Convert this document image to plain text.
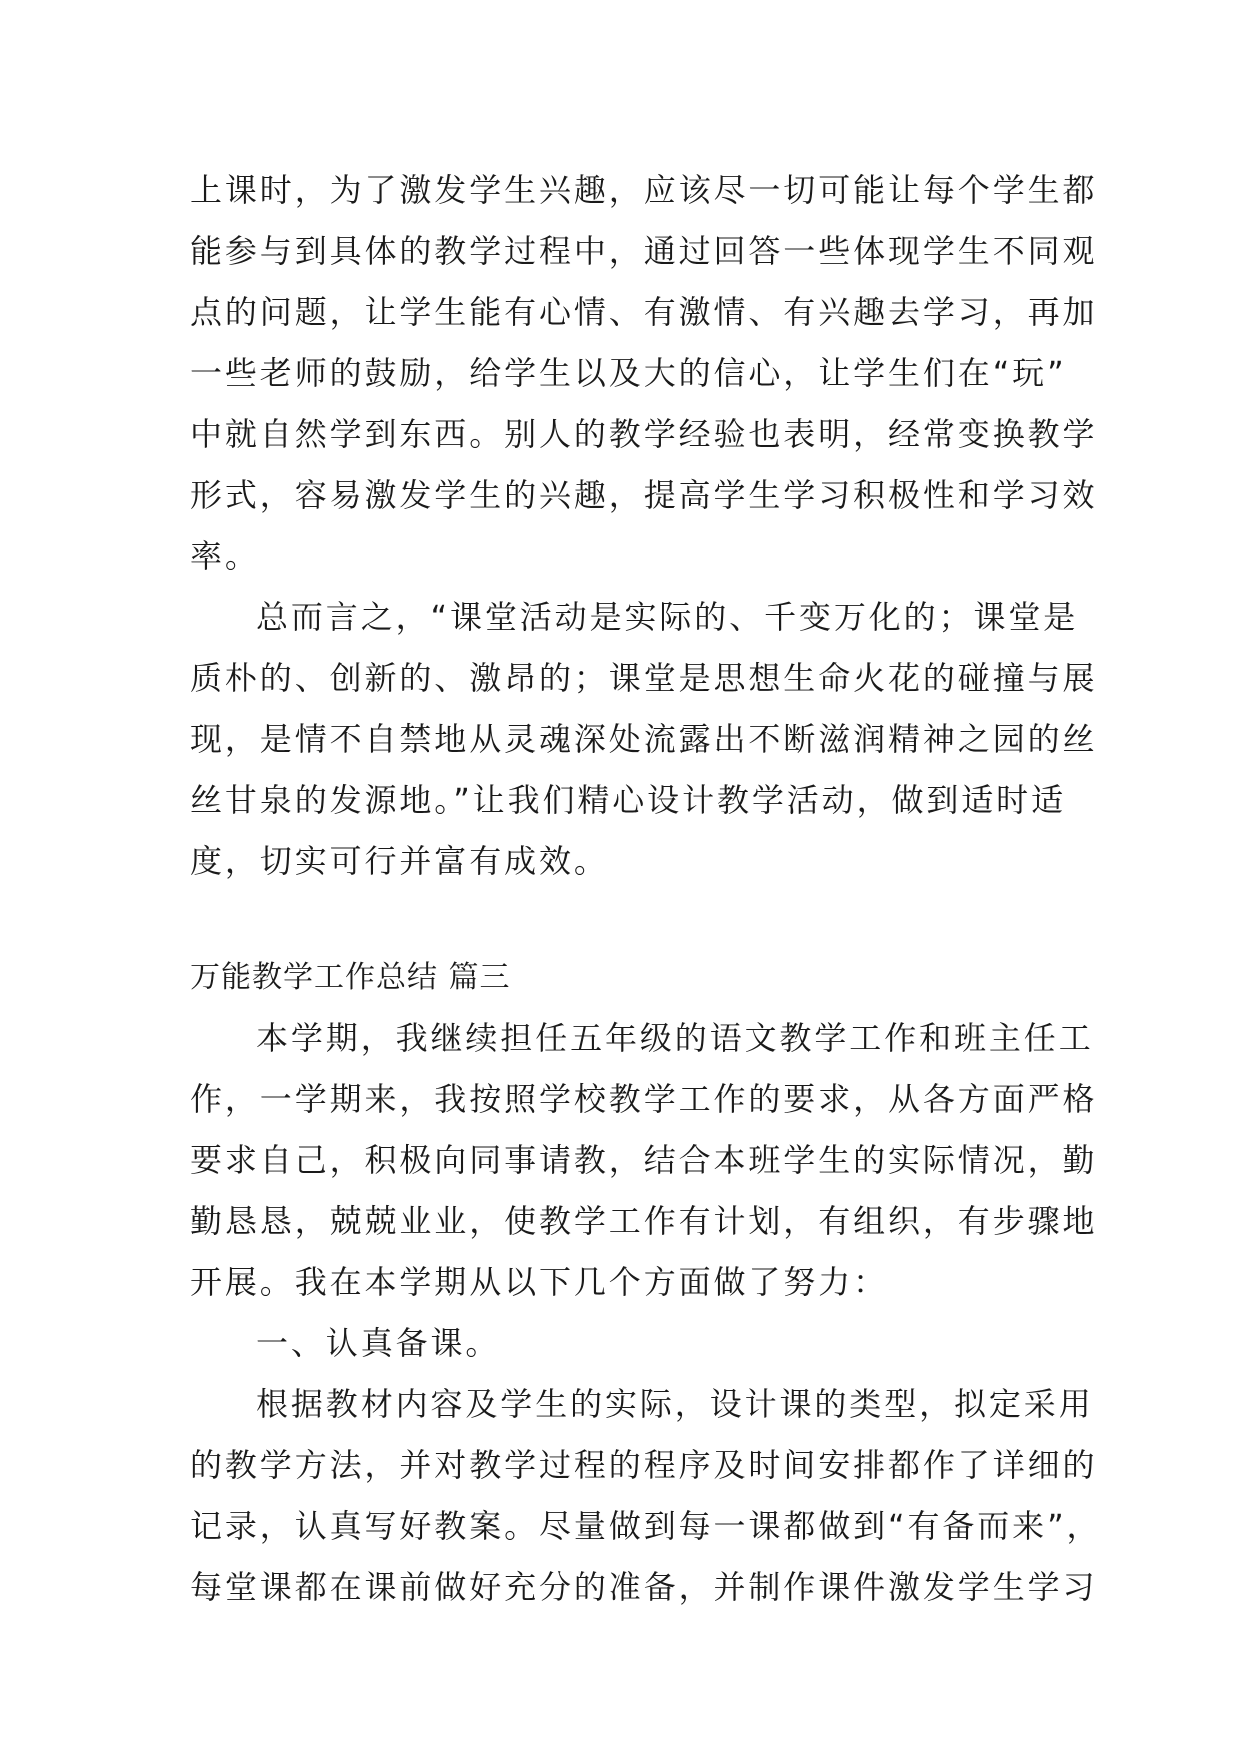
上课时，为了激发学生兴趣，应该尽一切可能让每个学生都
能参与到具体的教学过程中，通过回答一些体现学生不同观
点的问题，让学生能有心情、有激情、有兴趣去学习，再加
一些老师的鼓励，给学生以及大的信心，让学生们在“玩”
中就自然学到东西。别人的教学经验也表明，经常变换教学
形式，容易激发学生的兴趣，提高学生学习积极性和学习效
率。
总而言之，“课堂活动是实际的、千变万化的；课堂是
质朴的、创新的、激昂的；课堂是思想生命火花的碰撞与展
现，是情不自禁地从灵魂深处流露出不断滋润精神之园的丝
丝甘泉的发源地。”让我们精心设计教学活动，做到适时适
度，切实可行并富有成效。
万能教学工作总结 篇三
本学期，我继续担任五年级的语文教学工作和班主任工
作，一学期来，我按照学校教学工作的要求，从各方面严格
要求自己，积极向同事请教，结合本班学生的实际情况，勤
勤恳恳，兢兢业业，使教学工作有计划，有组织，有步骤地
开展。我在本学期从以下几个方面做了努力：
一、认真备课。
根据教材内容及学生的实际，设计课的类型，拟定采用
的教学方法，并对教学过程的程序及时间安排都作了详细的
记录，认真写好教案。尽量做到每一课都做到“有备而来”，
每堂课都在课前做好充分的准备，并制作课件激发学生学习
